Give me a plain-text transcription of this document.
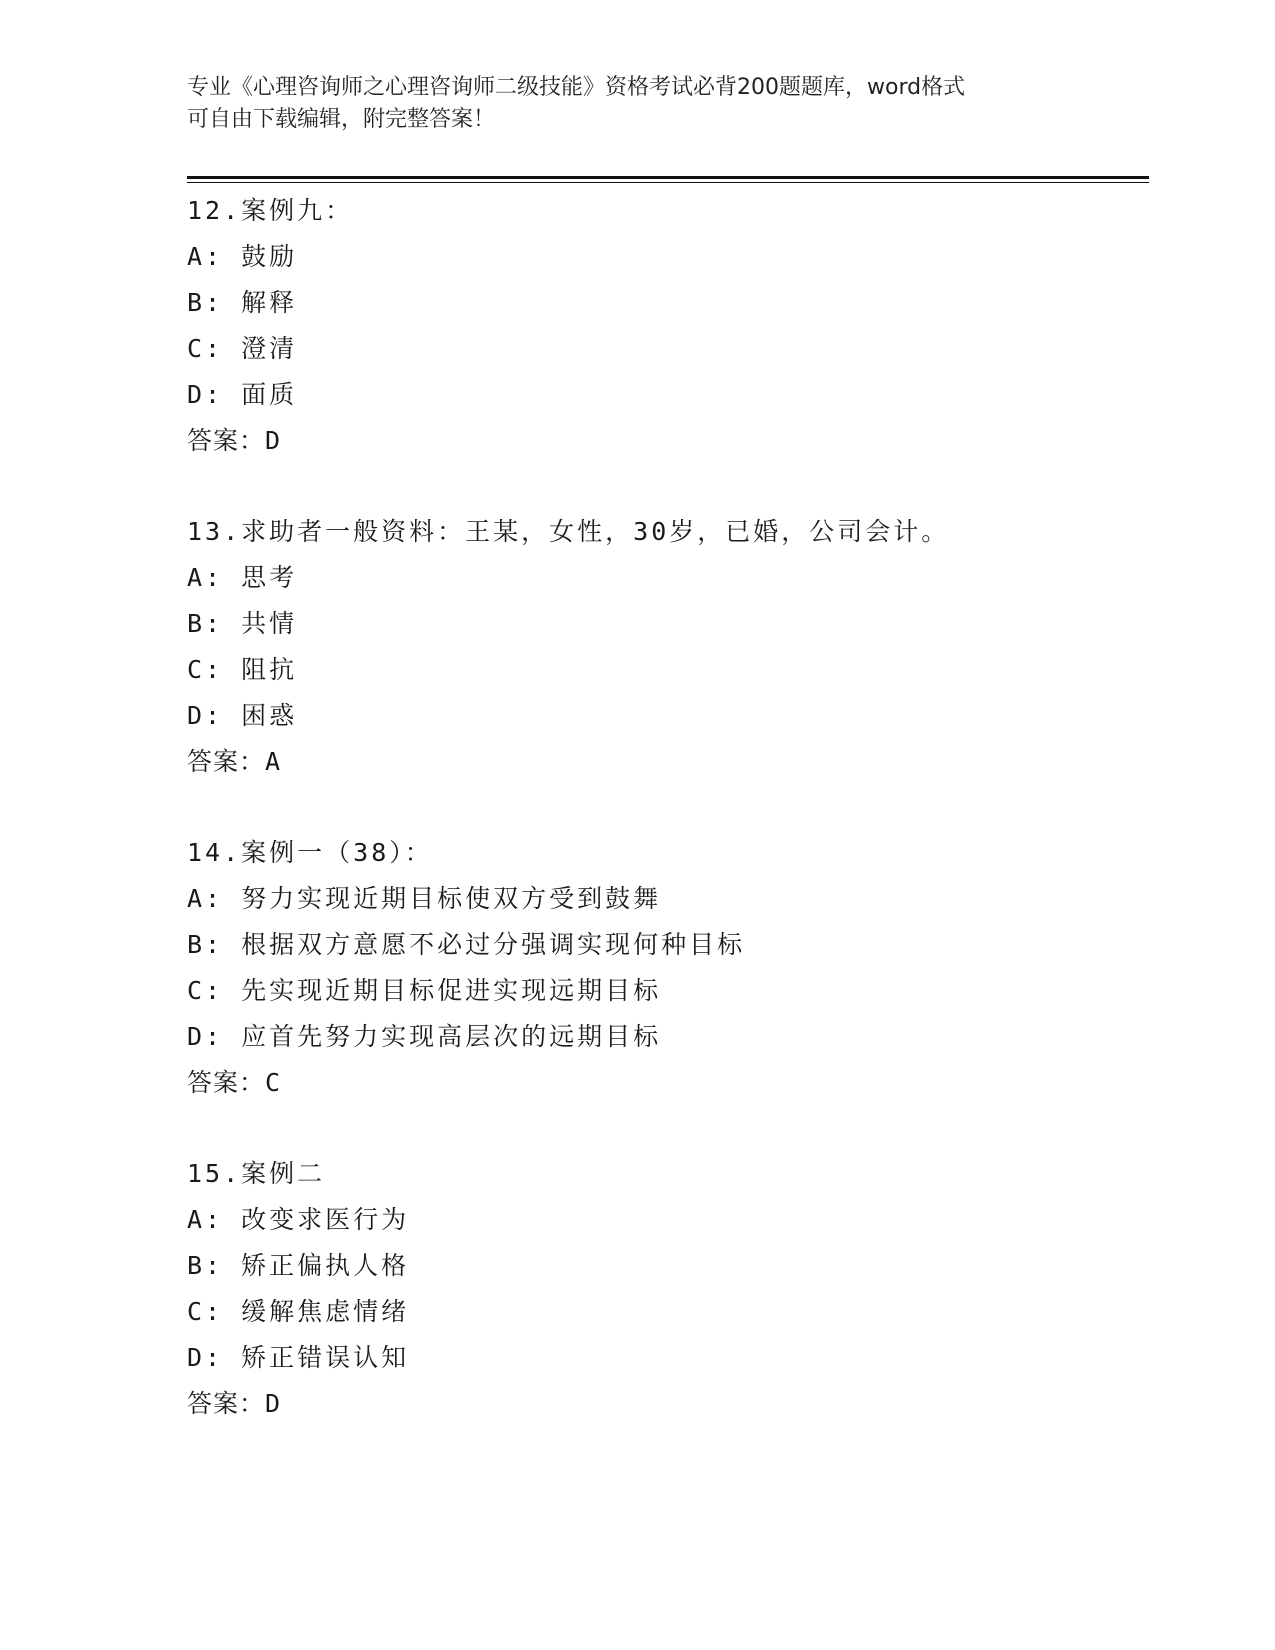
专业《心理咨询师之心理咨询师二级技能》资格考试必背200题题库，word格式
可自由下载编辑，附完整答案！
12.案例九：
A: 鼓励
B: 解释
C: 澄清
D: 面质
答案：D
13.求助者一般资料：王某，女性，30岁，已婚，公司会计。
A: 思考
B: 共情
C: 阻抗
D: 困惑
答案：A
14.案例一（38）：
A: 努力实现近期目标使双方受到鼓舞
B: 根据双方意愿不必过分强调实现何种目标
C: 先实现近期目标促进实现远期目标
D: 应首先努力实现高层次的远期目标
答案：C
15.案例二
A: 改变求医行为
B: 矫正偏执人格
C: 缓解焦虑情绪
D: 矫正错误认知
答案：D
